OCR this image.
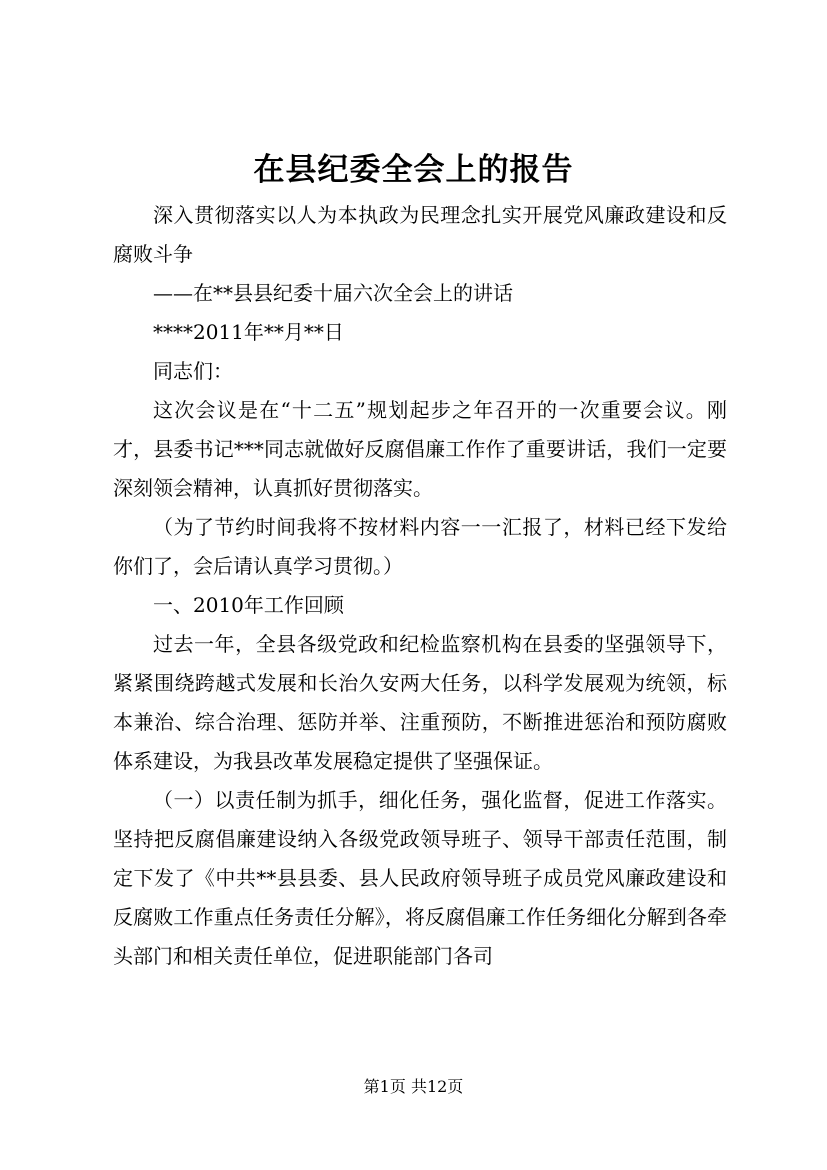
在县纪委全会上的报告

深入贯彻落实以人为本执政为民理念扎实开展党风廉政建设和反腐败斗争

——在**县县纪委十届六次全会上的讲话

****2011年**月**日

同志们：

这次会议是在“十二五”规划起步之年召开的一次重要会议。刚才，县委书记***同志就做好反腐倡廉工作作了重要讲话，我们一定要深刻领会精神，认真抓好贯彻落实。

（为了节约时间我将不按材料内容一一汇报了，材料已经下发给你们了，会后请认真学习贯彻。）

一、2010年工作回顾

过去一年，全县各级党政和纪检监察机构在县委的坚强领导下，紧紧围绕跨越式发展和长治久安两大任务，以科学发展观为统领，标本兼治、综合治理、惩防并举、注重预防，不断推进惩治和预防腐败体系建设，为我县改革发展稳定提供了坚强保证。

（一）以责任制为抓手，细化任务，强化监督，促进工作落实。坚持把反腐倡廉建设纳入各级党政领导班子、领导干部责任范围，制定下发了《中共**县县委、县人民政府领导班子成员党风廉政建设和反腐败工作重点任务责任分解》，将反腐倡廉工作任务细化分解到各牵头部门和相关责任单位，促进职能部门各司

第1页 共12页
